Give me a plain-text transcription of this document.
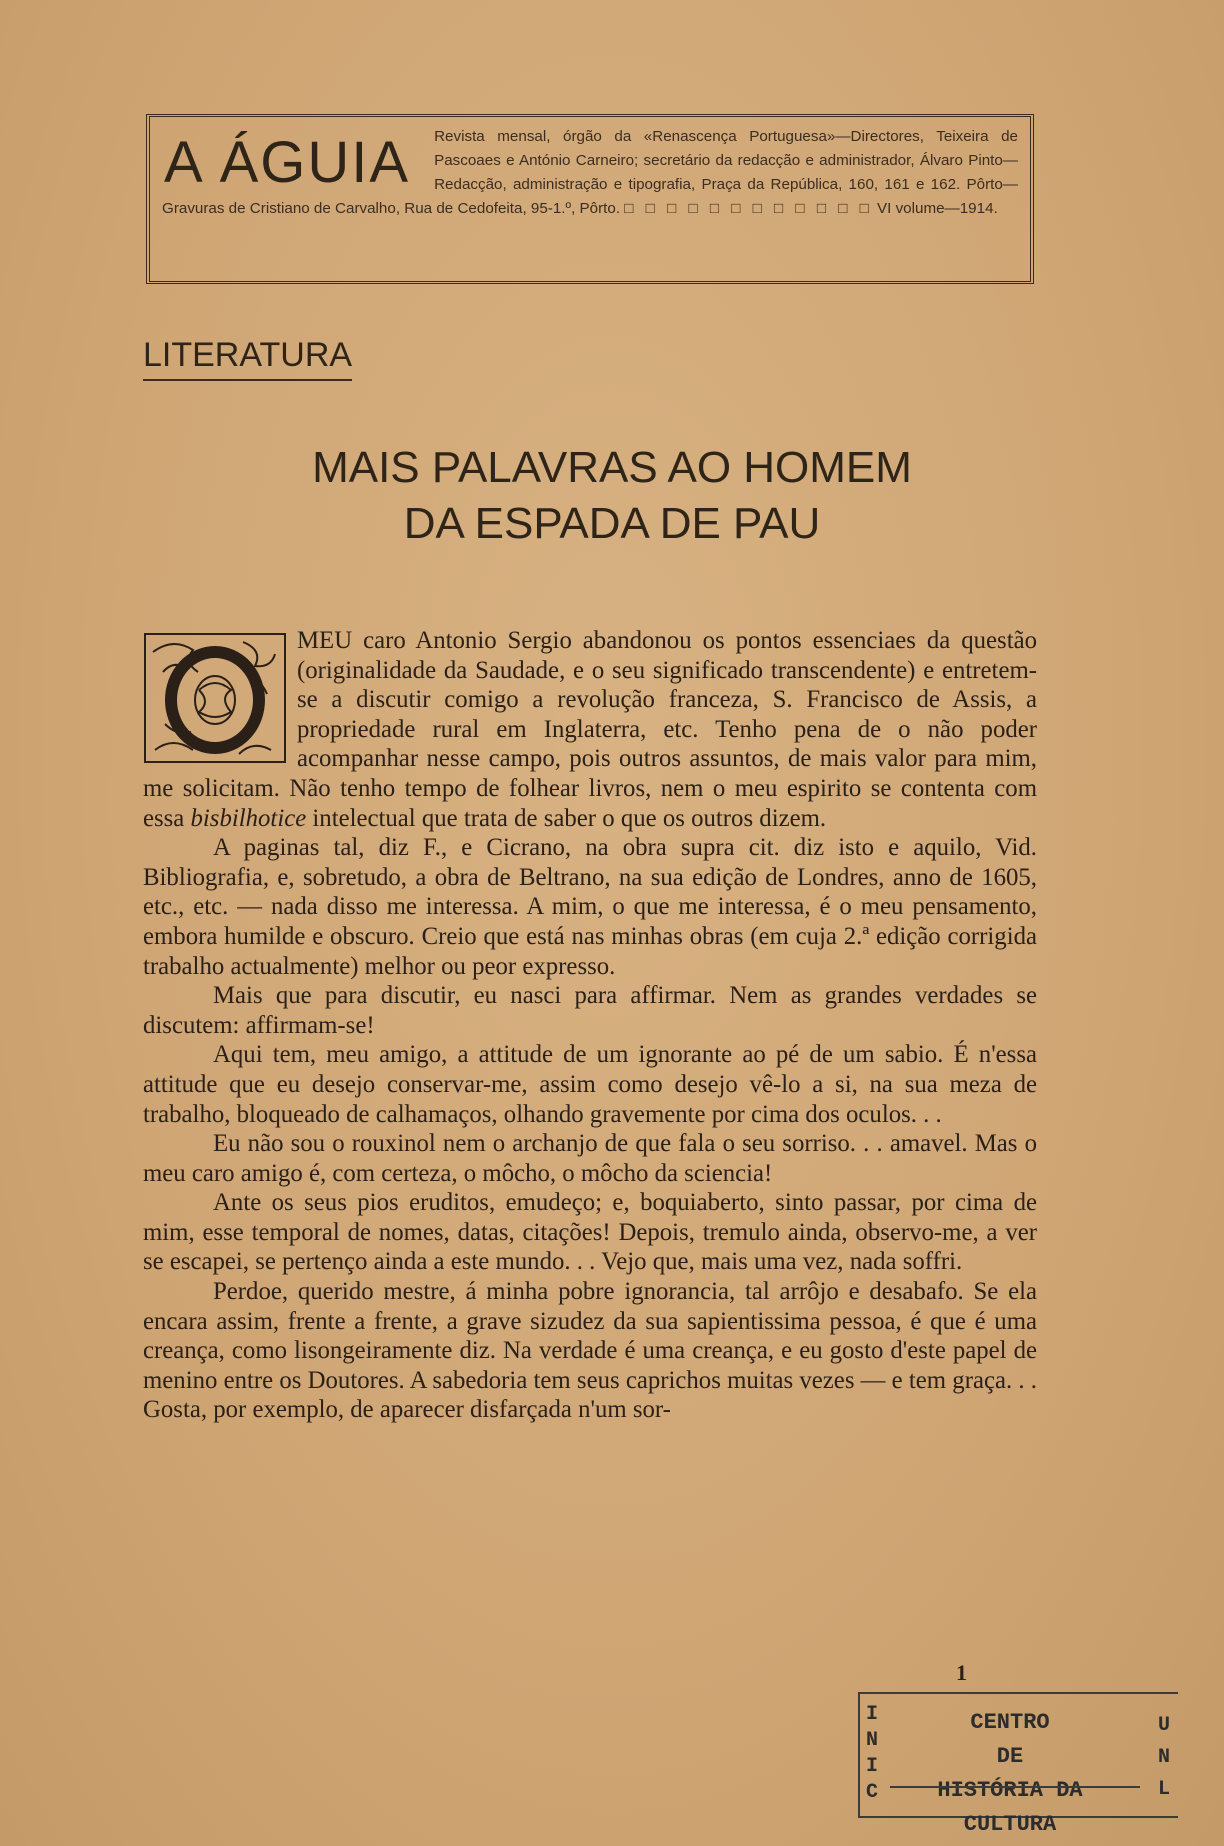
A ÁGUIA	Revista mensal, órgão da «Renascença Portuguesa»—Directores, Teixeira de Pascoaes e António Carneiro; secretário da redacção e administrador, Álvaro Pinto—Redacção, administração e tipografia, Praça da República, 160, 161 e 162. Pôrto—Gravuras de Cristiano de Carvalho, Rua de Cedofeita, 95-1.º, Pôrto. □ □ □ □ □ □ □ □ □ □ □ □ VI volume—1914.
LITERATURA
MAIS PALAVRAS AO HOMEM
DA ESPADA DE PAU

MEU caro Antonio Sergio abandonou os pontos essenciaes da questão (originalidade da Saudade, e o seu significado transcendente) e entretem-se a discutir comigo a revolução franceza, S. Francisco de Assis, a propriedade rural em Inglaterra, etc. Tenho pena de o não poder acompanhar nesse campo, pois outros assuntos, de mais valor para mim, me solicitam. Não tenho tempo de folhear livros, nem o meu espirito se contenta com essa bisbilhotice intelectual que trata de saber o que os outros dizem.

A paginas tal, diz F., e Cicrano, na obra supra cit. diz isto e aquilo, Vid. Bibliografia, e, sobretudo, a obra de Beltrano, na sua edição de Londres, anno de 1605, etc., etc. — nada disso me interessa. A mim, o que me interessa, é o meu pensamento, embora humilde e obscuro. Creio que está nas minhas obras (em cuja 2.ª edição corrigida trabalho actualmente) melhor ou peor expresso.

Mais que para discutir, eu nasci para affirmar. Nem as grandes verdades se discutem: affirmam-se!

Aqui tem, meu amigo, a attitude de um ignorante ao pé de um sabio. É n'essa attitude que eu desejo conservar-me, assim como desejo vê-lo a si, na sua meza de trabalho, bloqueado de calhamaços, olhando gravemente por cima dos oculos. . .

Eu não sou o rouxinol nem o archanjo de que fala o seu sorriso. . . amavel. Mas o meu caro amigo é, com certeza, o môcho, o môcho da sciencia!

Ante os seus pios eruditos, emudeço; e, boquiaberto, sinto passar, por cima de mim, esse temporal de nomes, datas, citações! Depois, tremulo ainda, observo-me, a ver se escapei, se pertenço ainda a este mundo. . . Vejo que, mais uma vez, nada soffri.

Perdoe, querido mestre, á minha pobre ignorancia, tal arrôjo e desabafo. Se ela encara assim, frente a frente, a grave sizudez da sua sapientissima pessoa, é que é uma creança, como lisongeiramente diz. Na verdade é uma creança, e eu gosto d'este papel de menino entre os Doutores. A sabedoria tem seus caprichos muitas vezes — e tem graça. . . Gosta, por exemplo, de aparecer disfarçada n'um sor-

1
I
N
I
C
CENTRO
DE
HISTÓRIA DA CULTURA
U
N
L
